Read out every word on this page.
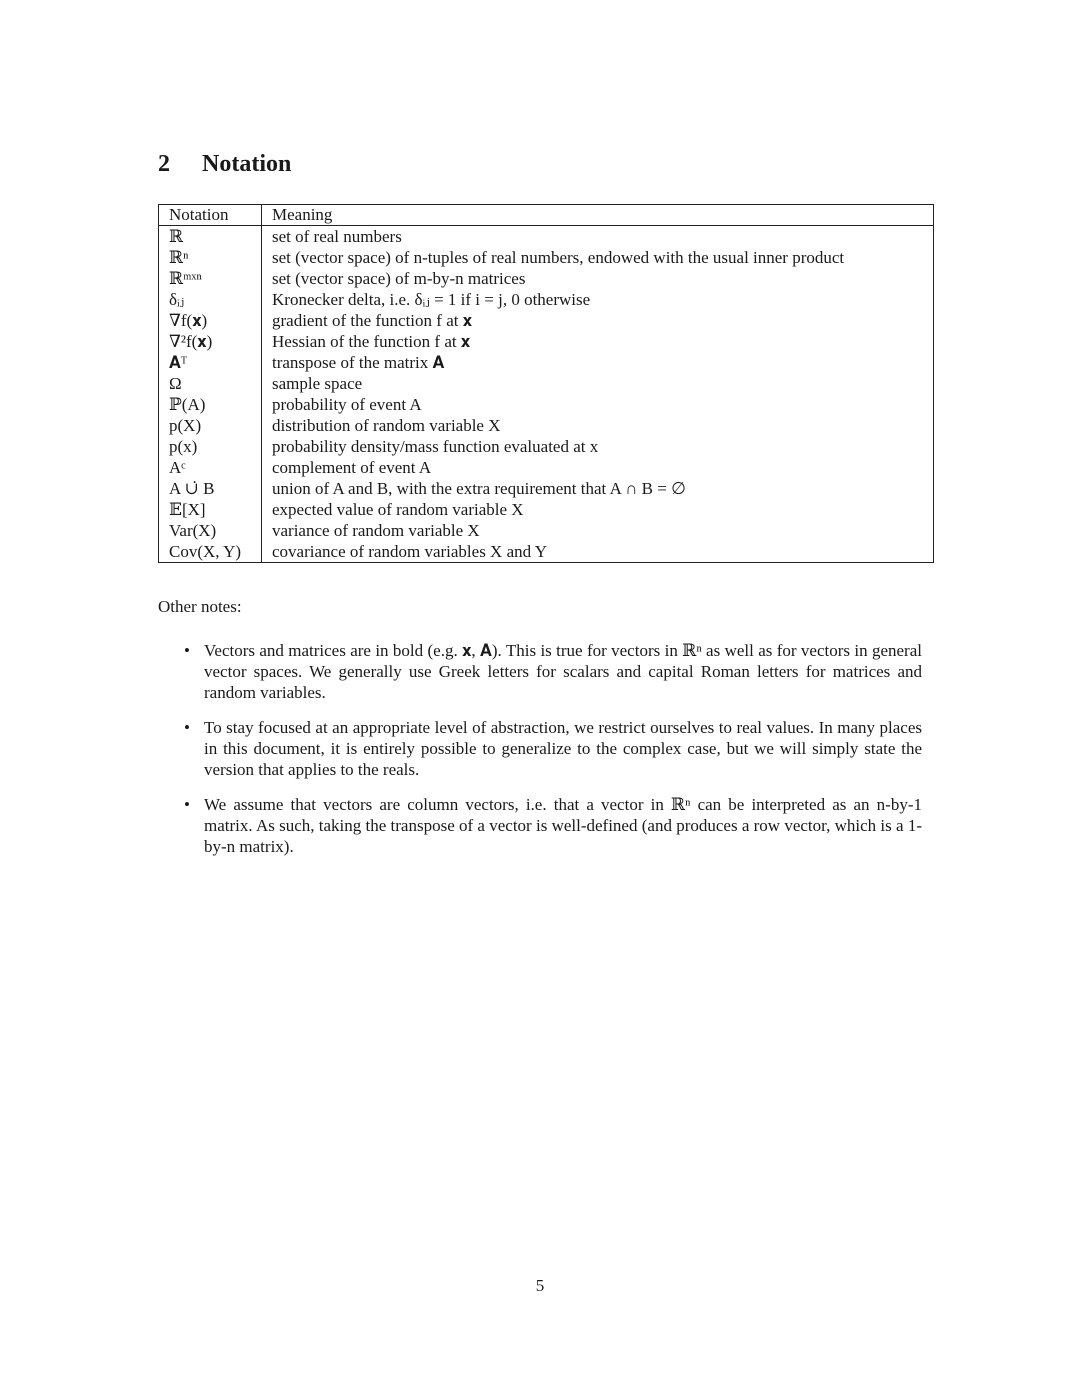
2 Notation
Notation	Meaning
ℝ	set of real numbers
ℝⁿ	set (vector space) of n-tuples of real numbers, endowed with the usual inner product
ℝᵐˣⁿ	set (vector space) of m-by-n matrices
δᵢⱼ	Kronecker delta, i.e. δᵢⱼ = 1 if i = j, 0 otherwise
∇f(𝐱)	gradient of the function f at 𝐱
∇²f(𝐱)	Hessian of the function f at 𝐱
𝐀ᵀ	transpose of the matrix 𝐀
Ω	sample space
ℙ(A)	probability of event A
p(X)	distribution of random variable X
p(x)	probability density/mass function evaluated at x
Aᶜ	complement of event A
A ∪̇ B	union of A and B, with the extra requirement that A ∩ B = ∅
𝔼[X]	expected value of random variable X
Var(X)	variance of random variable X
Cov(X, Y)	covariance of random variables X and Y

Other notes:

• Vectors and matrices are in bold (e.g. 𝐱, 𝐀). This is true for vectors in ℝⁿ as well as for vectors in general vector spaces. We generally use Greek letters for scalars and capital Roman letters for matrices and random variables.
• To stay focused at an appropriate level of abstraction, we restrict ourselves to real values. In many places in this document, it is entirely possible to generalize to the complex case, but we will simply state the version that applies to the reals.
• We assume that vectors are column vectors, i.e. that a vector in ℝⁿ can be interpreted as an n-by-1 matrix. As such, taking the transpose of a vector is well-defined (and produces a row vector, which is a 1-by-n matrix).
5
